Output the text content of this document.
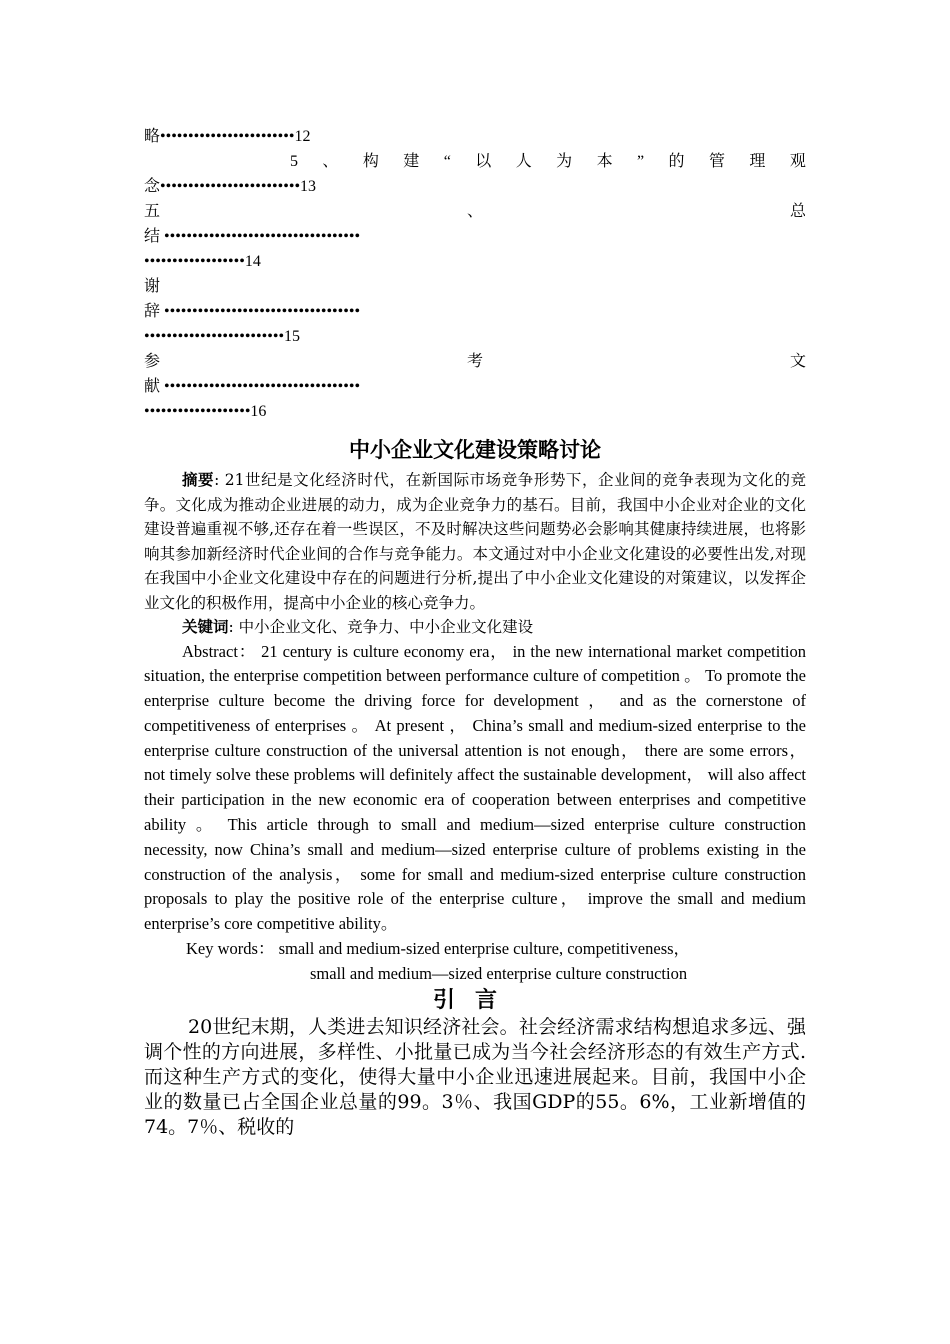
略••••••••••••••••••••••••12
5 、 构 建 “ 以 人 为 本 ” 的 管 理 观
念•••••••••••••••••••••••••13
五	、	总
结 •••••••••••••••••••••••••••••••••••
••••••••••••••••••14
谢
辞 •••••••••••••••••••••••••••••••••••
•••••••••••••••••••••••••15
参	考	文
献 •••••••••••••••••••••••••••••••••••
•••••••••••••••••••16
中小企业文化建设策略讨论
摘要: 21世纪是文化经济时代，在新国际市场竞争形势下，企业间的竞争表现为文化的竞争。文化成为推动企业进展的动力，成为企业竞争力的基石。目前，我国中小企业对企业的文化建设普遍重视不够,还存在着一些误区，不及时解决这些问题势必会影响其健康持续进展，也将影响其参加新经济时代企业间的合作与竞争能力。本文通过对中小企业文化建设的必要性出发,对现在我国中小企业文化建设中存在的问题进行分析,提出了中小企业文化建设的对策建议，以发挥企业文化的积极作用，提高中小企业的核心竞争力。
关键词: 中小企业文化、竞争力、中小企业文化建设
Abstract： 21 century is culture economy era， in the new international market competition situation, the enterprise competition between performance culture of competition 。 To promote the enterprise culture become the driving force for development ， and as the cornerstone of competitiveness of enterprises 。 At present ， China’s small and medium-sized enterprise to the enterprise culture construction of the universal attention is not enough， there are some errors， not timely solve these problems will definitely affect the sustainable development， will also affect their participation in the new economic era of cooperation between enterprises and competitive ability 。 This article through to small and medium—sized enterprise culture construction necessity, now China’s small and medium—sized enterprise culture of problems existing in the construction of the analysis， some for small and medium-sized enterprise culture construction proposals to play the positive role of the enterprise culture， improve the small and medium enterprise’s core competitive ability。
Key words： small and medium-sized enterprise culture, competitiveness，
small and medium—sized enterprise culture construction
引言
20世纪末期，人类进去知识经济社会。社会经济需求结构想追求多远、强调个性的方向进展，多样性、小批量已成为当今社会经济形态的有效生产方式.而这种生产方式的变化，使得大量中小企业迅速进展起来。目前，我国中小企业的数量已占全国企业总量的99。3％、我国GDP的55。6%，工业新增值的74。7％、税收的
